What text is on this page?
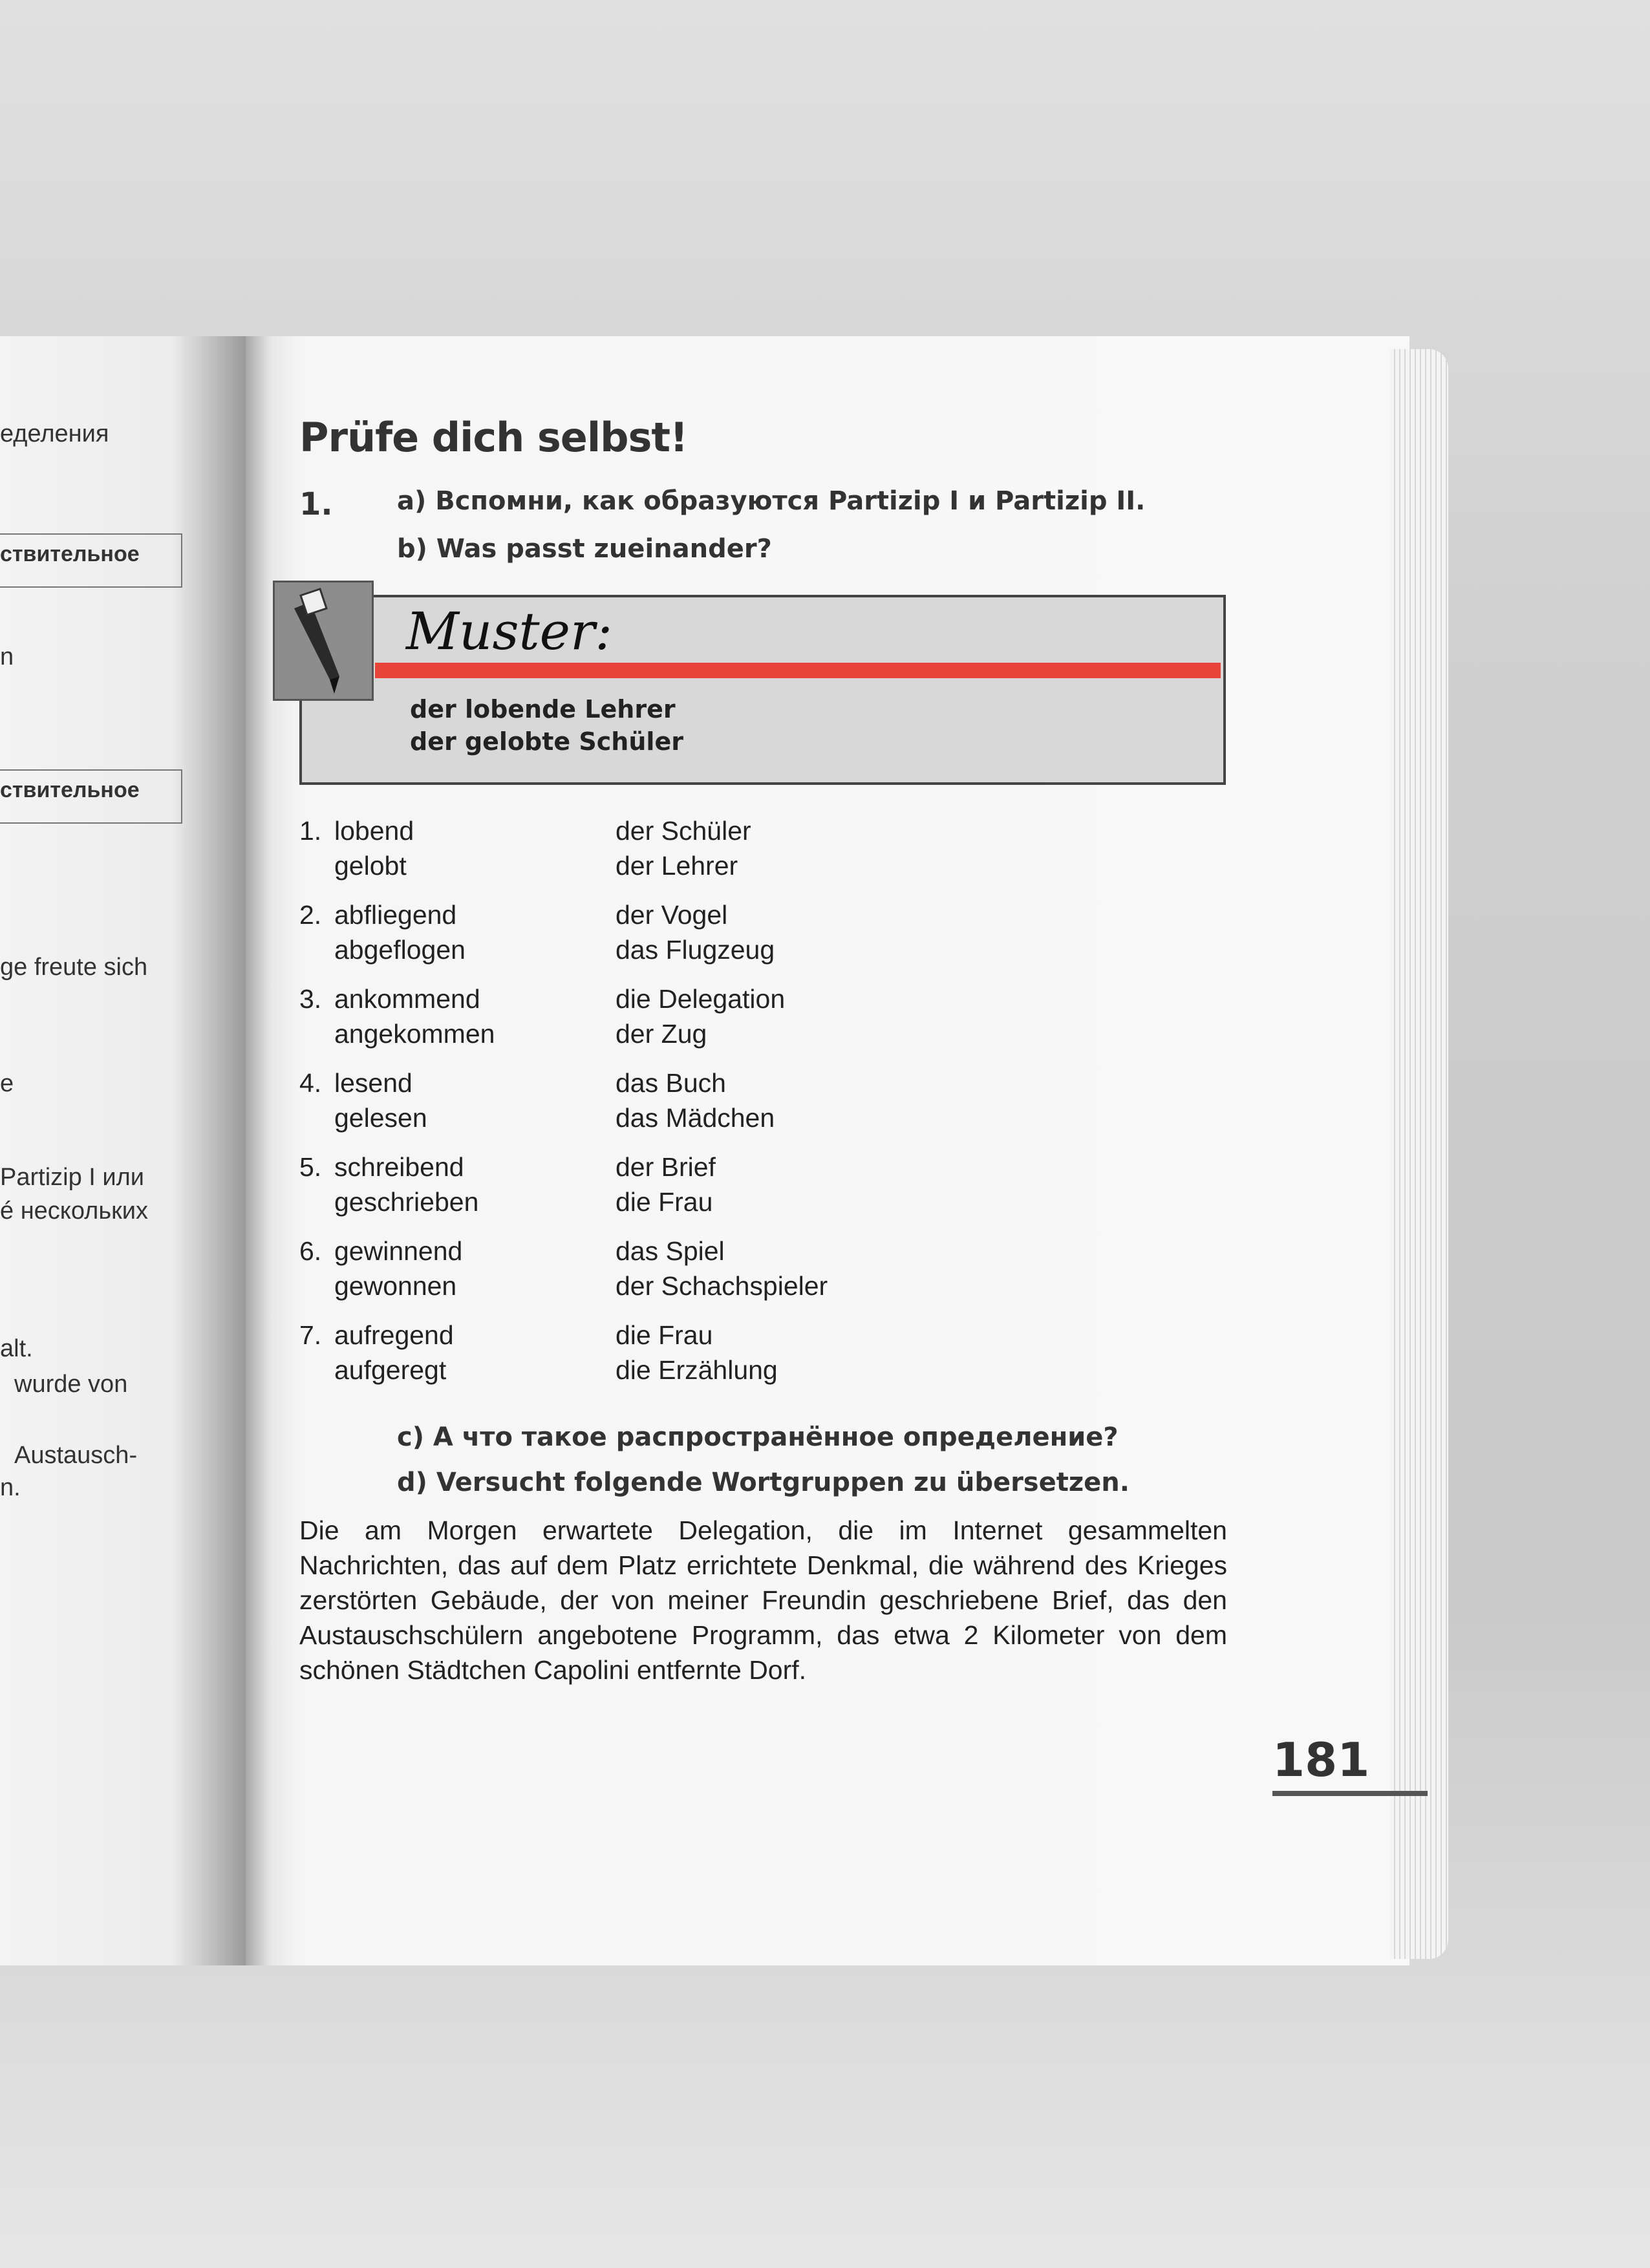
еделения
ствительное
n
ствительное
ge freute sich
e
Partizip I или
é нескольких
alt.
wurde von
Austausch-
n.
Prüfe dich selbst!
1. a) Вспомни, как образуются Partizip I и Partizip II.
b) Was passt zueinander?
Muster:
der lobende Lehrer
der gelobte Schüler
1. lobend	der Schüler
gelobt	der Lehrer
2. abfliegend	der Vogel
abgeflogen	das Flugzeug
3. ankommend	die Delegation
angekommen	der Zug
4. lesend	das Buch
gelesen	das Mädchen
5. schreibend	der Brief
geschrieben	die Frau
6. gewinnend	das Spiel
gewonnen	der Schachspieler
7. aufregend	die Frau
aufgeregt	die Erzählung
c) А что такое распространённое определение?
d) Versucht folgende Wortgruppen zu übersetzen.
Die am Morgen erwartete Delegation, die im Internet gesammelten Nachrichten, das auf dem Platz errichtete Denkmal, die während des Krieges zerstörten Gebäude, der von meiner Freundin geschriebene Brief, das den Austauschschülern angebotene Programm, das etwa 2 Kilometer von dem schönen Städtchen Capolini entfernte Dorf.
181
